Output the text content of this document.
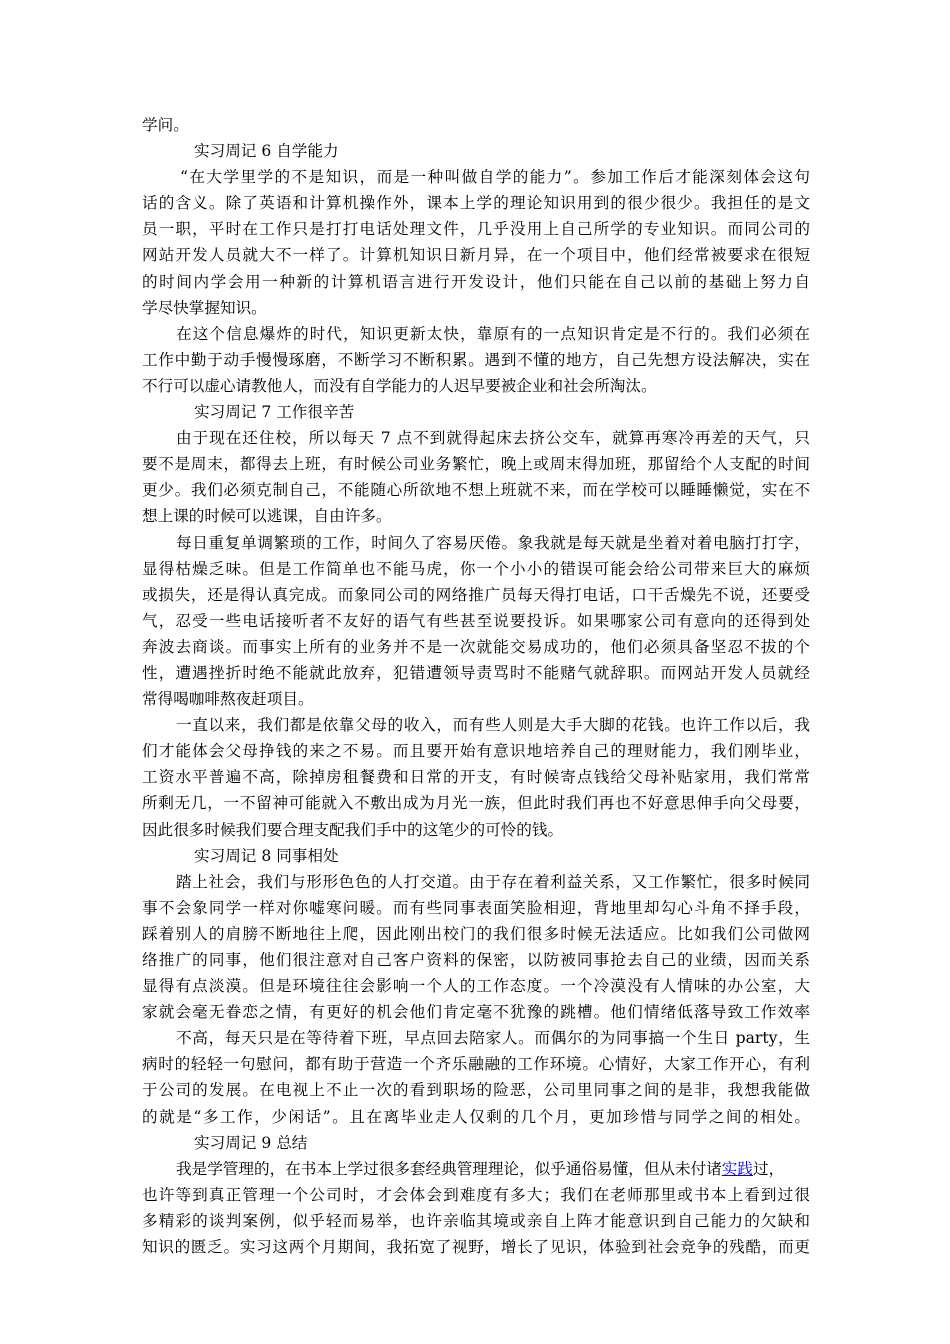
学问。
实习周记 6 自学能力
“在大学里学的不是知识，而是一种叫做自学的能力”。参加工作后才能深刻体会这句
话的含义。除了英语和计算机操作外，课本上学的理论知识用到的很少很少。我担任的是文
员一职，平时在工作只是打打电话处理文件，几乎没用上自己所学的专业知识。而同公司的
网站开发人员就大不一样了。计算机知识日新月异，在一个项目中，他们经常被要求在很短
的时间内学会用一种新的计算机语言进行开发设计，他们只能在自己以前的基础上努力自
学尽快掌握知识。
在这个信息爆炸的时代，知识更新太快，靠原有的一点知识肯定是不行的。我们必须在
工作中勤于动手慢慢琢磨，不断学习不断积累。遇到不懂的地方，自己先想方设法解决，实在
不行可以虚心请教他人，而没有自学能力的人迟早要被企业和社会所淘汰。
实习周记 7 工作很辛苦
由于现在还住校，所以每天 7 点不到就得起床去挤公交车，就算再寒冷再差的天气，只
要不是周末，都得去上班，有时候公司业务繁忙，晚上或周末得加班，那留给个人支配的时间
更少。我们必须克制自己，不能随心所欲地不想上班就不来，而在学校可以睡睡懒觉，实在不
想上课的时候可以逃课，自由许多。
每日重复单调繁琐的工作，时间久了容易厌倦。象我就是每天就是坐着对着电脑打打字，
显得枯燥乏味。但是工作简单也不能马虎，你一个小小的错误可能会给公司带来巨大的麻烦
或损失，还是得认真完成。而象同公司的网络推广员每天得打电话，口干舌燥先不说，还要受
气，忍受一些电话接听者不友好的语气有些甚至说要投诉。如果哪家公司有意向的还得到处
奔波去商谈。而事实上所有的业务并不是一次就能交易成功的，他们必须具备坚忍不拔的个
性，遭遇挫折时绝不能就此放弃，犯错遭领导责骂时不能赌气就辞职。而网站开发人员就经
常得喝咖啡熬夜赶项目。
一直以来，我们都是依靠父母的收入，而有些人则是大手大脚的花钱。也许工作以后，我
们才能体会父母挣钱的来之不易。而且要开始有意识地培养自己的理财能力，我们刚毕业，
工资水平普遍不高，除掉房租餐费和日常的开支，有时候寄点钱给父母补贴家用，我们常常
所剩无几，一不留神可能就入不敷出成为月光一族，但此时我们再也不好意思伸手向父母要，
因此很多时候我们要合理支配我们手中的这笔少的可怜的钱。
实习周记 8 同事相处
踏上社会，我们与形形色色的人打交道。由于存在着利益关系，又工作繁忙，很多时候同
事不会象同学一样对你嘘寒问暖。而有些同事表面笑脸相迎，背地里却勾心斗角不择手段，
踩着别人的肩膀不断地往上爬，因此刚出校门的我们很多时候无法适应。比如我们公司做网
络推广的同事，他们很注意对自己客户资料的保密，以防被同事抢去自己的业绩，因而关系
显得有点淡漠。但是环境往往会影响一个人的工作态度。一个冷漠没有人情味的办公室，大
家就会毫无眷恋之情，有更好的机会他们肯定毫不犹豫的跳槽。他们情绪低落导致工作效率
不高，每天只是在等待着下班，早点回去陪家人。而偶尔的为同事搞一个生日 party，生
病时的轻轻一句慰问，都有助于营造一个齐乐融融的工作环境。心情好，大家工作开心，有利
于公司的发展。在电视上不止一次的看到职场的险恶，公司里同事之间的是非，我想我能做
的就是“多工作，少闲话”。且在离毕业走人仅剩的几个月，更加珍惜与同学之间的相处。
实习周记 9 总结
我是学管理的，在书本上学过很多套经典管理理论，似乎通俗易懂，但从未付诸实践过，
也许等到真正管理一个公司时，才会体会到难度有多大；我们在老师那里或书本上看到过很
多精彩的谈判案例，似乎轻而易举，也许亲临其境或亲自上阵才能意识到自己能力的欠缺和
知识的匮乏。实习这两个月期间，我拓宽了视野，增长了见识，体验到社会竞争的残酷，而更
